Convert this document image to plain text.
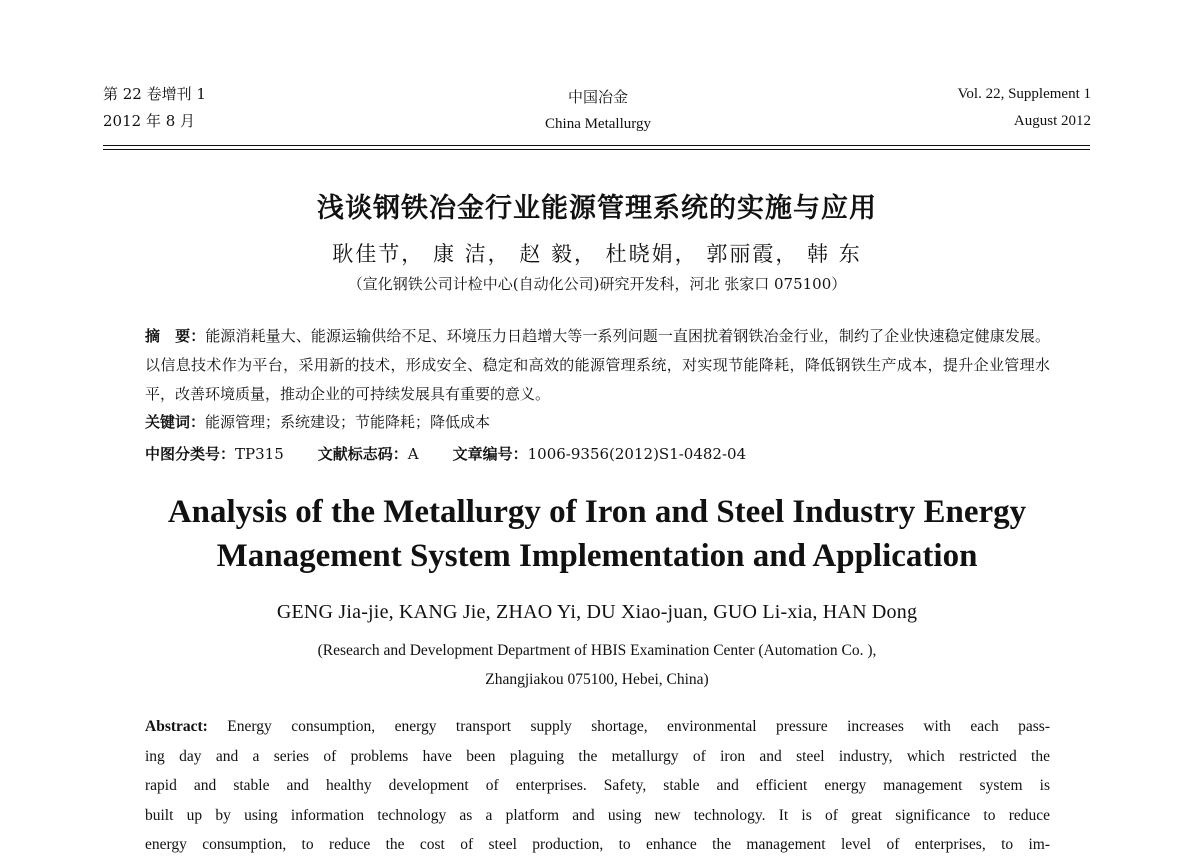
第 22 卷增刊 1
2012 年 8 月
中国冶金
China Metallurgy
Vol. 22, Supplement 1
August 2012
浅谈钢铁冶金行业能源管理系统的实施与应用
耿佳节， 康 洁， 赵 毅， 杜晓娟， 郭丽霞， 韩 东
（宣化钢铁公司计检中心(自动化公司)研究开发科，河北 张家口 075100）
摘　要：能源消耗量大、能源运输供给不足、环境压力日趋增大等一系列问题一直困扰着钢铁冶金行业，制约了企业快速稳定健康发展。以信息技术作为平台，采用新的技术，形成安全、稳定和高效的能源管理系统，对实现节能降耗，降低钢铁生产成本，提升企业管理水平，改善环境质量，推动企业的可持续发展具有重要的意义。
关键词：能源管理；系统建设；节能降耗；降低成本
中图分类号：TP315 文献标志码：A 文章编号：1006-9356(2012)S1-0482-04
Analysis of the Metallurgy of Iron and Steel Industry Energy
Management System Implementation and Application
GENG Jia-jie, KANG Jie, ZHAO Yi, DU Xiao-juan, GUO Li-xia, HAN Dong
(Research and Development Department of HBIS Examination Center (Automation Co. ),
Zhangjiakou 075100, Hebei, China)
Abstract: Energy consumption, energy transport supply shortage, environmental pressure increases with each pass-
ing day and a series of problems have been plaguing the metallurgy of iron and steel industry, which restricted the
rapid and stable and healthy development of enterprises. Safety, stable and efficient energy management system is
built up by using information technology as a platform and using new technology. It is of great significance to reduce
energy consumption, to reduce the cost of steel production, to enhance the management level of enterprises, to im-
